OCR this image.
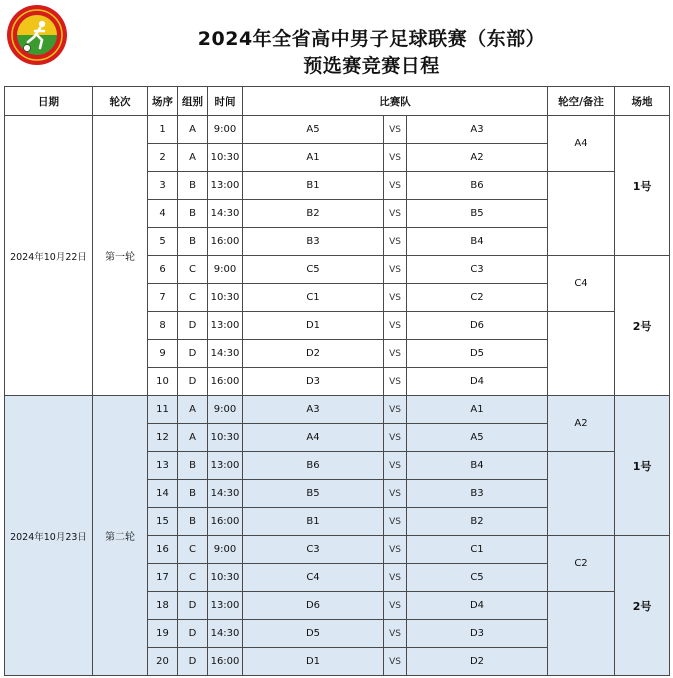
2024年全省高中男子足球联赛（东部）
预选赛竞赛日程
日期	轮次	场序	组别	时间	比赛队			轮空/备注	场地
2024年10月22日	第一轮	1	A	9:00	A5	VS	A3	A4	1号
		2	A	10:30	A1	VS	A2		
		3	B	13:00	B1	VS	B6		
		4	B	14:30	B2	VS	B5		
		5	B	16:00	B3	VS	B4		
		6	C	9:00	C5	VS	C3	C4	2号
		7	C	10:30	C1	VS	C2		
		8	D	13:00	D1	VS	D6		
		9	D	14:30	D2	VS	D5		
		10	D	16:00	D3	VS	D4		
2024年10月23日	第二轮	11	A	9:00	A3	VS	A1	A2	1号
		12	A	10:30	A4	VS	A5		
		13	B	13:00	B6	VS	B4		
		14	B	14:30	B5	VS	B3		
		15	B	16:00	B1	VS	B2		
		16	C	9:00	C3	VS	C1	C2	2号
		17	C	10:30	C4	VS	C5		
		18	D	13:00	D6	VS	D4		
		19	D	14:30	D5	VS	D3		
		20	D	16:00	D1	VS	D2		
